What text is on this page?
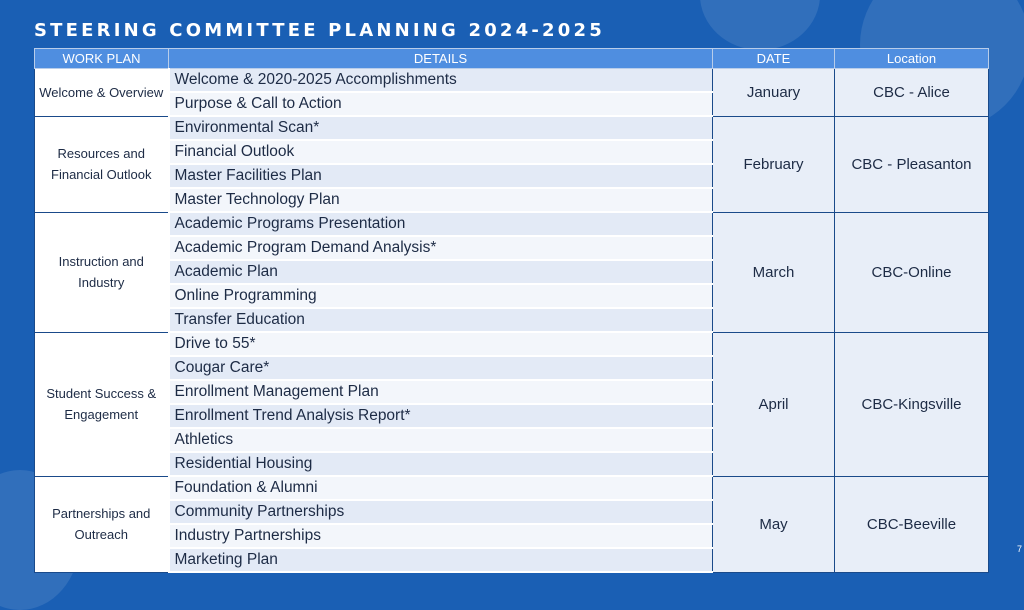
STEERING COMMITTEE PLANNING 2024-2025
WORK PLAN	DETAILS	DATE	Location
Welcome & Overview	Welcome & 2020-2025 Accomplishments	January	CBC - Alice
	Purpose & Call to Action		
Resources and Financial Outlook	Environmental Scan*	February	CBC - Pleasanton
	Financial Outlook		
	Master Facilities Plan		
	Master Technology Plan		
Instruction and Industry	Academic Programs Presentation	March	CBC-Online
	Academic Program Demand Analysis*		
	Academic Plan		
	Online Programming		
	Transfer Education		
Student Success & Engagement	Drive to 55*	April	CBC-Kingsville
	Cougar Care*		
	Enrollment Management Plan		
	Enrollment Trend Analysis Report*		
	Athletics		
	Residential Housing		
Partnerships and Outreach	Foundation & Alumni	May	CBC-Beeville
	Community Partnerships		
	Industry Partnerships		
	Marketing Plan		
7
